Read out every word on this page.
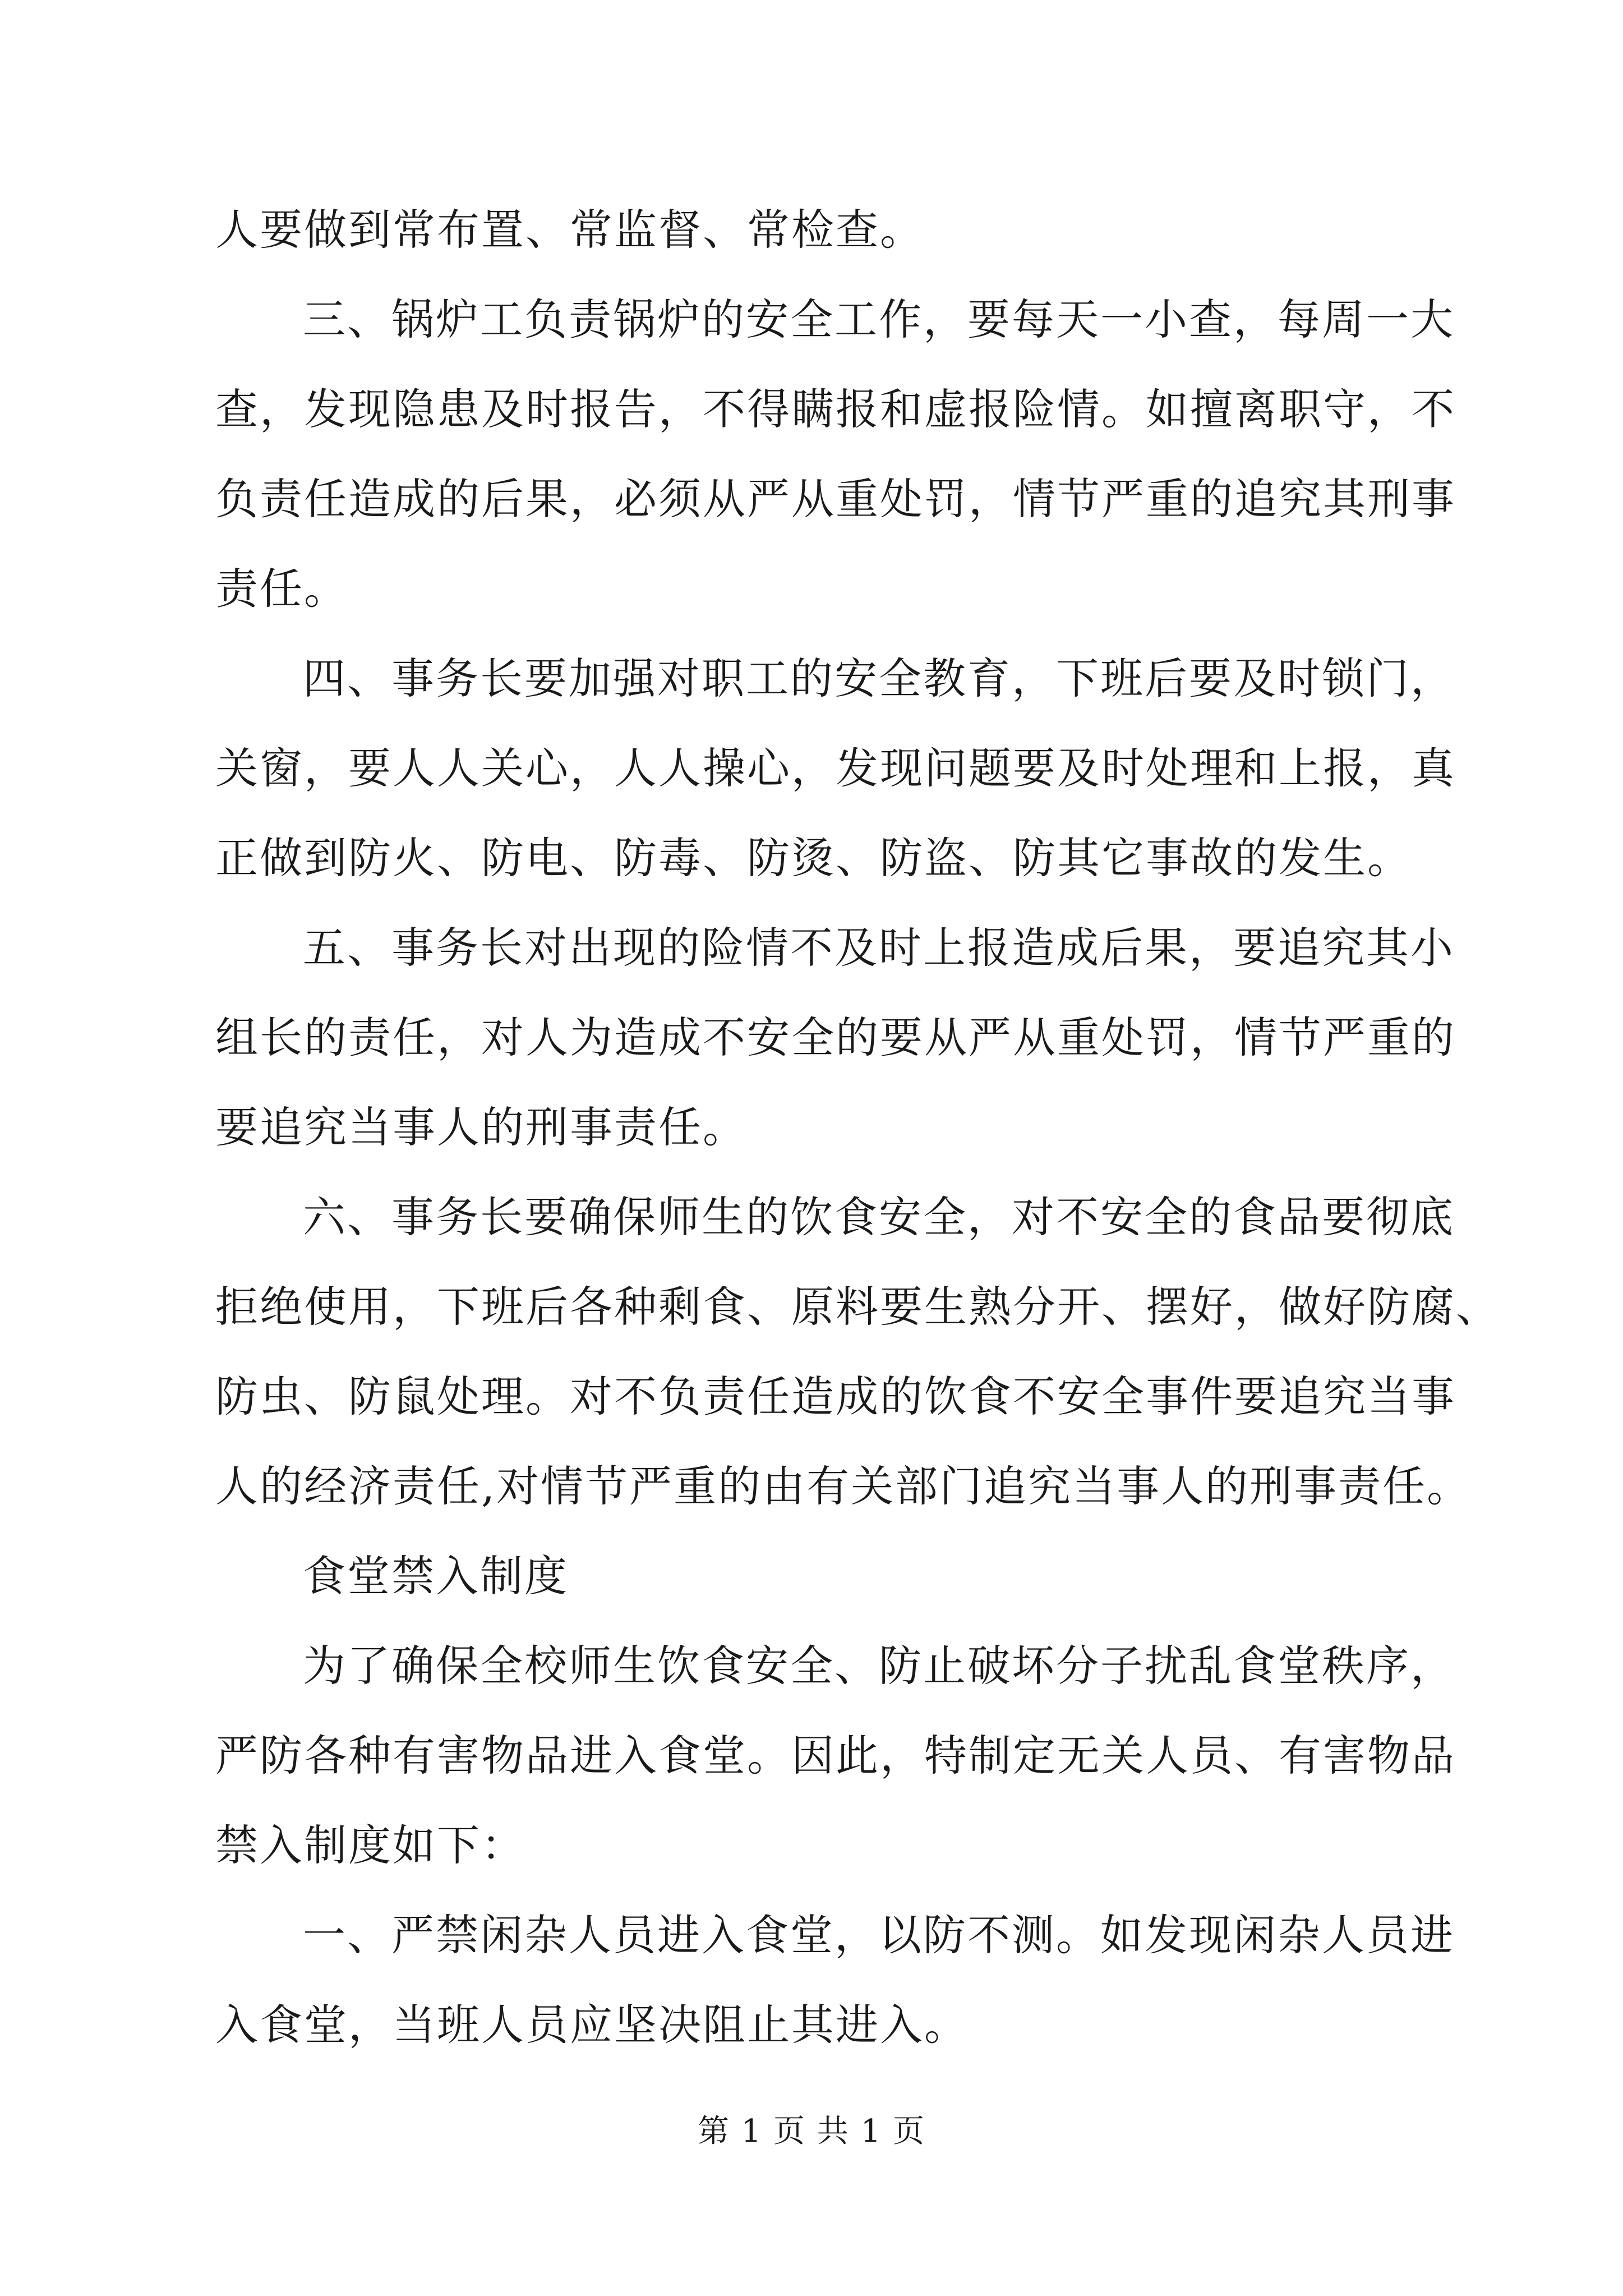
人要做到常布置、常监督、常检查。
三、锅炉工负责锅炉的安全工作，要每天一小查，每周一大
查，发现隐患及时报告，不得瞒报和虚报险情。如擅离职守，不
负责任造成的后果，必须从严从重处罚，情节严重的追究其刑事
责任。
四、事务长要加强对职工的安全教育，下班后要及时锁门，
关窗，要人人关心，人人操心，发现问题要及时处理和上报，真
正做到防火、防电、防毒、防烫、防盗、防其它事故的发生。
五、事务长对出现的险情不及时上报造成后果，要追究其小
组长的责任，对人为造成不安全的要从严从重处罚，情节严重的
要追究当事人的刑事责任。
六、事务长要确保师生的饮食安全，对不安全的食品要彻底
拒绝使用，下班后各种剩食、原料要生熟分开、摆好，做好防腐、
防虫、防鼠处理。对不负责任造成的饮食不安全事件要追究当事
人的经济责任,对情节严重的由有关部门追究当事人的刑事责任。
食堂禁入制度
为了确保全校师生饮食安全、防止破坏分子扰乱食堂秩序，
严防各种有害物品进入食堂。因此，特制定无关人员、有害物品
禁入制度如下：
一、严禁闲杂人员进入食堂，以防不测。如发现闲杂人员进
入食堂，当班人员应坚决阻止其进入。
第 1 页 共 1 页
